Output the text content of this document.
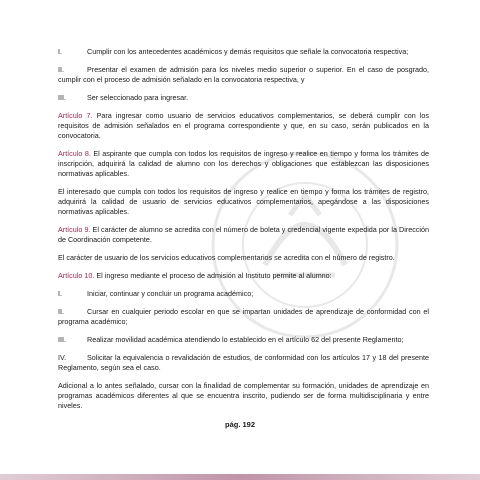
I.	Cumplir con los antecedentes académicos y demás requisitos que señale la convocatoria respectiva;
II.	Presentar el examen de admisión para los niveles medio superior o superior. En el caso de posgrado, cumplir con el proceso de admisión señalado en la convocatoria respectiva, y
III.	Ser seleccionado para ingresar.
Artículo 7. Para ingresar como usuario de servicios educativos complementarios, se deberá cumplir con los requisitos de admisión señalados en el programa correspondiente y que, en su caso, serán publicados en la convocatoria.
Artículo 8. El aspirante que cumpla con todos los requisitos de ingreso y realice en tiempo y forma los trámites de inscripción, adquirirá la calidad de alumno con los derechos y obligaciones que establezcan las disposiciones normativas aplicables.
El interesado que cumpla con todos los requisitos de ingreso y realice en tiempo y forma los trámites de registro, adquirirá la calidad de usuario de servicios educativos complementarios, apegándose a las disposiciones normativas aplicables.
Artículo 9. El carácter de alumno se acredita con el número de boleta y credencial vigente expedida por la Dirección de Coordinación competente.
El carácter de usuario de los servicios educativos complementarios se acredita con el número de registro.
Artículo 10. El ingreso mediante el proceso de admisión al Instituto permite al alumno:
I.	Iniciar, continuar y concluir un programa académico;
II.	Cursar en cualquier periodo escolar en que se impartan unidades de aprendizaje de conformidad con el programa académico;
III.	Realizar movilidad académica atendiendo lo establecido en el artículo 62 del presente Reglamento;
IV.	Solicitar la equivalencia o revalidación de estudios, de conformidad con los artículos 17 y 18 del presente Reglamento, según sea el caso.
Adicional a lo antes señalado, cursar con la finalidad de complementar su formación, unidades de aprendizaje en programas académicos diferentes al que se encuentra inscrito, pudiendo ser de forma multidisciplinaria y entre niveles.
pág. 192
